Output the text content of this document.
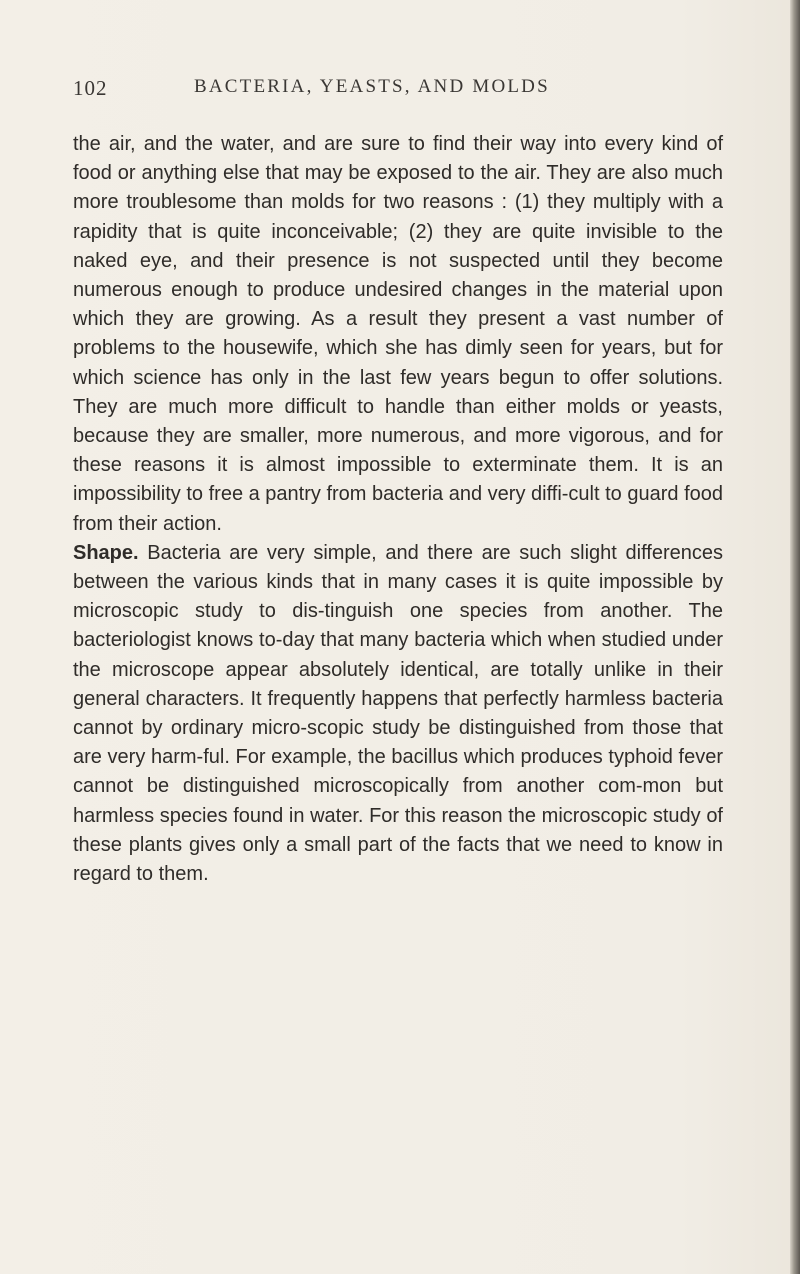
102	BACTERIA, YEASTS, AND MOLDS

the air, and the water, and are sure to find their way into every kind of food or anything else that may be exposed to the air. They are also much more troublesome than molds for two reasons : (1) they multiply with a rapidity that is quite inconceivable; (2) they are quite invisible to the naked eye, and their presence is not suspected until they become numerous enough to produce undesired changes in the material upon which they are growing. As a result they present a vast number of problems to the housewife, which she has dimly seen for years, but for which science has only in the last few years begun to offer solutions. They are much more difficult to handle than either molds or yeasts, because they are smaller, more numerous, and more vigorous, and for these reasons it is almost impossible to exterminate them. It is an impossibility to free a pantry from bacteria and very diffi-cult to guard food from their action.

Shape. Bacteria are very simple, and there are such slight differences between the various kinds that in many cases it is quite impossible by microscopic study to dis-tinguish one species from another. The bacteriologist knows to-day that many bacteria which when studied under the microscope appear absolutely identical, are totally unlike in their general characters. It frequently happens that perfectly harmless bacteria cannot by ordinary micro-scopic study be distinguished from those that are very harm-ful. For example, the bacillus which produces typhoid fever cannot be distinguished microscopically from another com-mon but harmless species found in water. For this reason the microscopic study of these plants gives only a small part of the facts that we need to know in regard to them.
